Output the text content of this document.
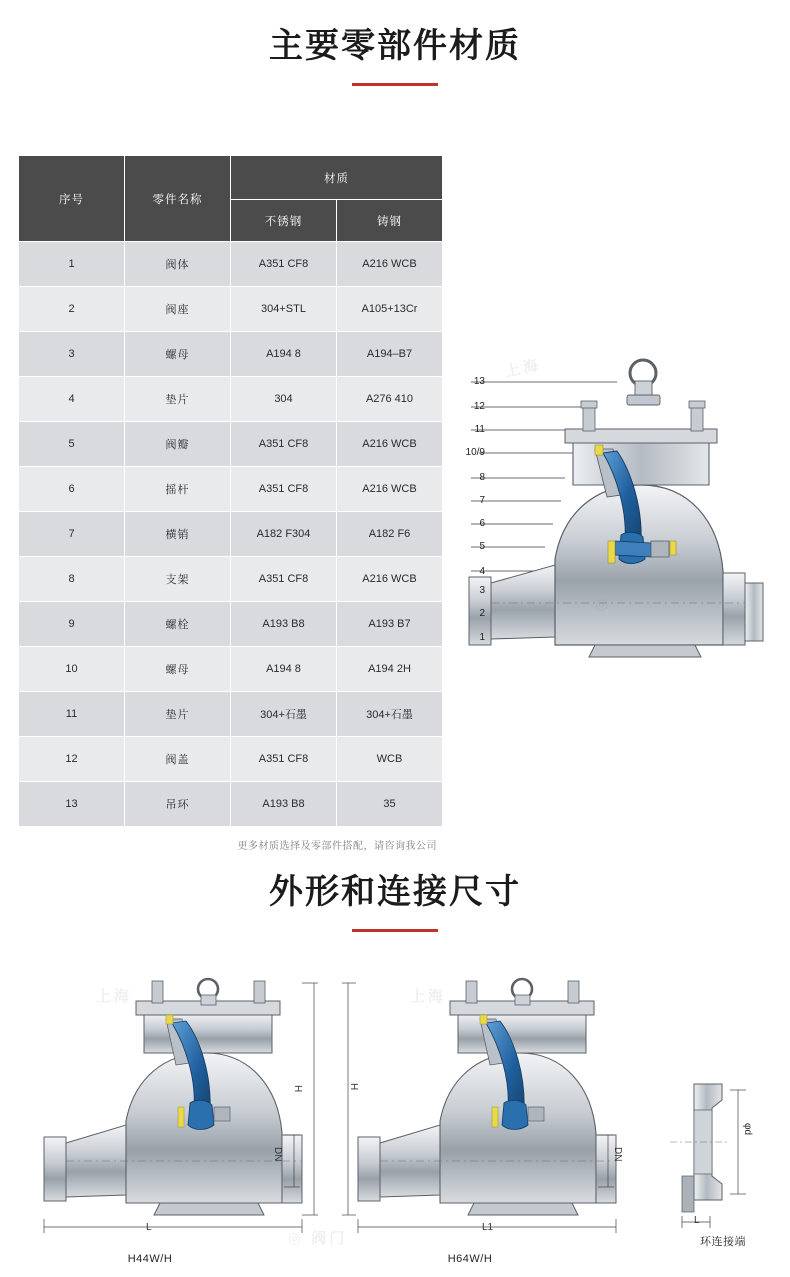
主要零部件材质
序号	零件名称	材质	
		不锈钢	铸钢
1	阀体	A351 CF8	A216 WCB
2	阀座	304+STL	A105+13Cr
3	螺母	A194 8	A194–B7
4	垫片	304	A276 410
5	阀瓣	A351 CF8	A216 WCB
6	摇杆	A351 CF8	A216 WCB
7	横销	A182 F304	A182 F6
8	支架	A351 CF8	A216 WCB
9	螺栓	A193 B8	A193 B7
10	螺母	A194 8	A194 2H
11	垫片	304+石墨	304+石墨
12	阀盖	A351 CF8	WCB
13	吊环	A193 B8	35
更多材质选择及零部件搭配，请咨询我公司
13
12
11
10/9
8
7
6
5
4
3
2
1
上海
外形和连接尺寸
H
DN
L
H44W/H
H
DN
L1
H64W/H
φd
L
环连接端
上海	上海
◎ 阀门
